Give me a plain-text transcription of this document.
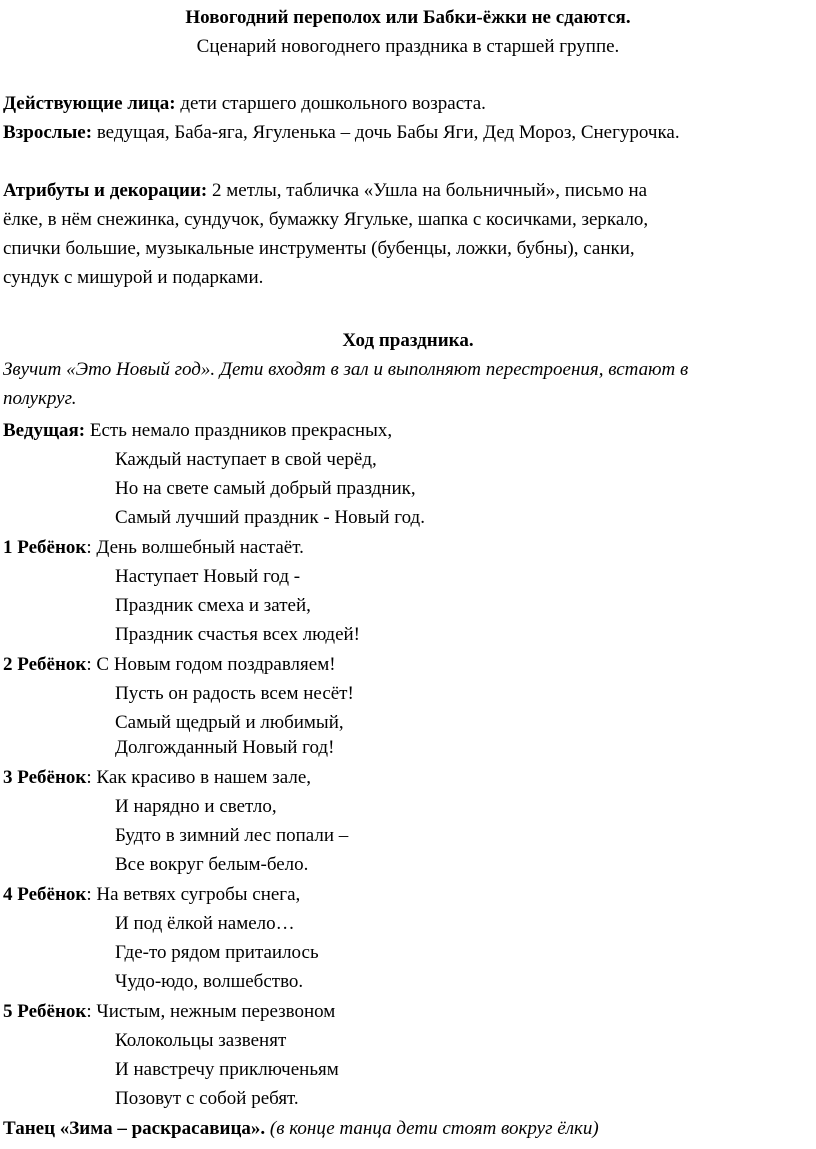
Новогодний переполох или Бабки-ёжки не сдаются.
Сценарий новогоднего праздника в старшей группе.
Действующие лица: дети старшего дошкольного возраста.
Взрослые: ведущая, Баба-яга, Ягуленька – дочь Бабы Яги, Дед Мороз, Снегурочка.
Атрибуты и декорации: 2 метлы, табличка «Ушла на больничный», письмо на
ёлке, в нём снежинка, сундучок, бумажку Ягульке, шапка с косичками, зеркало,
спички большие, музыкальные инструменты (бубенцы, ложки, бубны), санки,
сундук с мишурой и подарками.
Ход праздника.
Звучит «Это Новый год». Дети входят в зал и выполняют перестроения, встают в
полукруг.
Ведущая: Есть немало праздников прекрасных,
Каждый наступает в свой черёд,
Но на свете самый добрый праздник,
Самый лучший праздник - Новый год.
1 Ребёнок: День волшебный настаёт.
Наступает Новый год -
Праздник смеха и затей,
Праздник счастья всех людей!
2 Ребёнок: С Новым годом поздравляем!
Пусть он радость всем несёт!
Самый щедрый и любимый,
Долгожданный Новый год!
3 Ребёнок: Как красиво в нашем зале,
И нарядно и светло,
Будто в зимний лес попали –
Все вокруг белым-бело.
4 Ребёнок: На ветвях сугробы снега,
И под ёлкой намело…
Где-то рядом притаилось
Чудо-юдо, волшебство.
5 Ребёнок: Чистым, нежным перезвоном
Колокольцы зазвенят
И навстречу приключеньям
Позовут с собой ребят.
Танец «Зима – раскрасавица». (в конце танца дети стоят вокруг ёлки)
